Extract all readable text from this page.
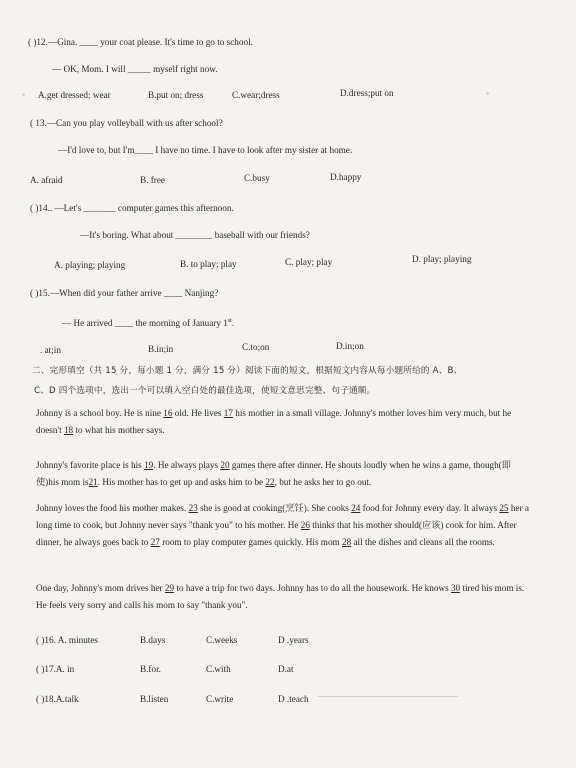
( )12.—Gina. ____ your coat please. It's time to go to school.
— OK, Mom. I will _____ myself right now.
A.get dressed; wear	B.put on; dress	C.wear;dress	D.dress;put on
( 13.—Can you play volleyball with us after school?
—I'd love to, but I'm____ I have no time. I have to look after my sister at home.
A. afraid	B. free	C.busy	D.happy
( )14.. —Let's _______ computer games this afternoon.
—It's boring. What about ________ baseball with our friends?
A. playing; playing	B. to play; play	C. play; play	D. play; playing
( )15.—When did your father arrive ____ Nanjing?
— He arrived ____ the morning of January 1st.
. at;in	B.in;in	C.to;on	D.in;on
二、完形填空（共 15 分，每小题 1 分，满分 15 分）阅读下面的短文，根据短文内容从每小题所给的 A、B、
C、D 四个选项中，选出一个可以填入空白处的最佳选项，使短文意思完整、句子通顺。
Johnny is a school boy. He is nine 16 old. He lives 17 his mother in a small village. Johnny's mother loves him very much, but he doesn't 18 to what his mother says.
Johnny's favorite place is his 19. He always plays 20 games there after dinner. He shouts loudly when he wins a game, though(即使)his mom is21. His mother has to get up and asks him to be 22, but he asks her to go out.
Johnny loves the food his mother makes. 23 she is good at cooking(烹饪). She cooks 24 food for Johnny every day. It always 25 her a long time to cook, but Johnny never says "thank you" to his mother. He 26 thinks that his mother should(应该) cook for him. After dinner, he always goes back to 27 room to play computer games quickly. His mom 28 all the dishes and cleans all the rooms.
One day, Johnny's mom drives her 29 to have a trip for two days. Johnny has to do all the housework. He knows 30 tired his mom is. He feels very sorry and calls his mom to say "thank you".
( )16. A. minutes	B.days	C.weeks	D .years
( )17.A. in	B.for.	C.with	D.at
( )18.A.talk	B.listen	C.write	D .teach
